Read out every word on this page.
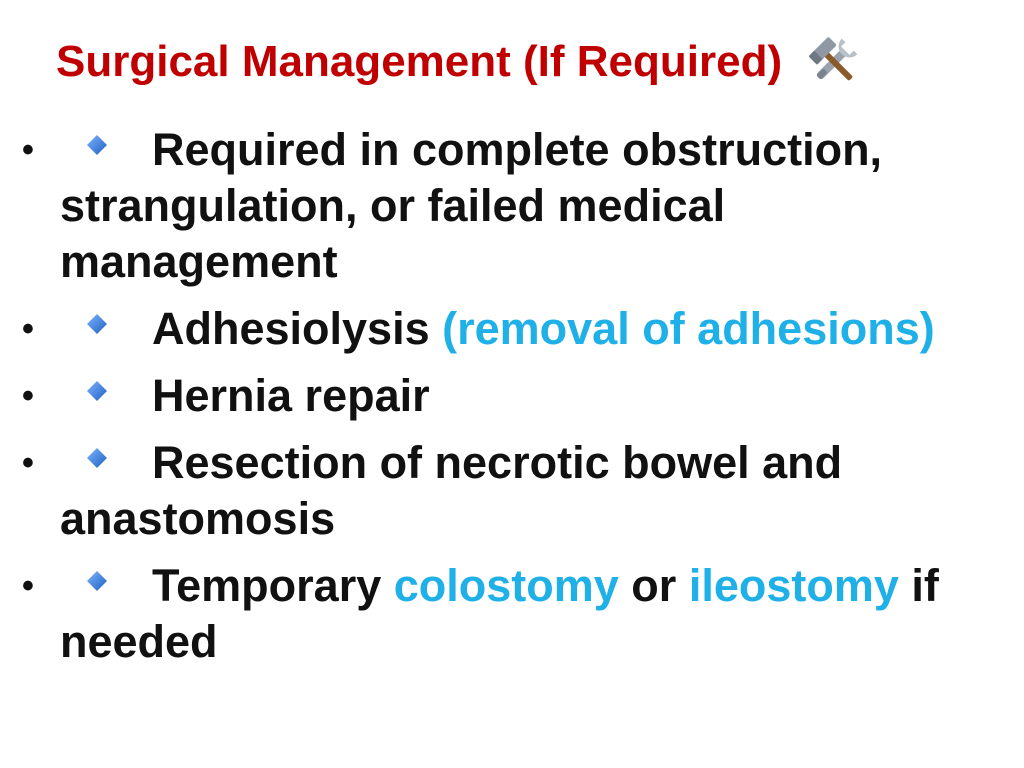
Surgical Management (If Required)
•	Required in complete obstruction, strangulation, or failed medical management
•	Adhesiolysis (removal of adhesions)
•	Hernia repair
•	Resection of necrotic bowel and anastomosis
•	Temporary colostomy or ileostomy if needed
